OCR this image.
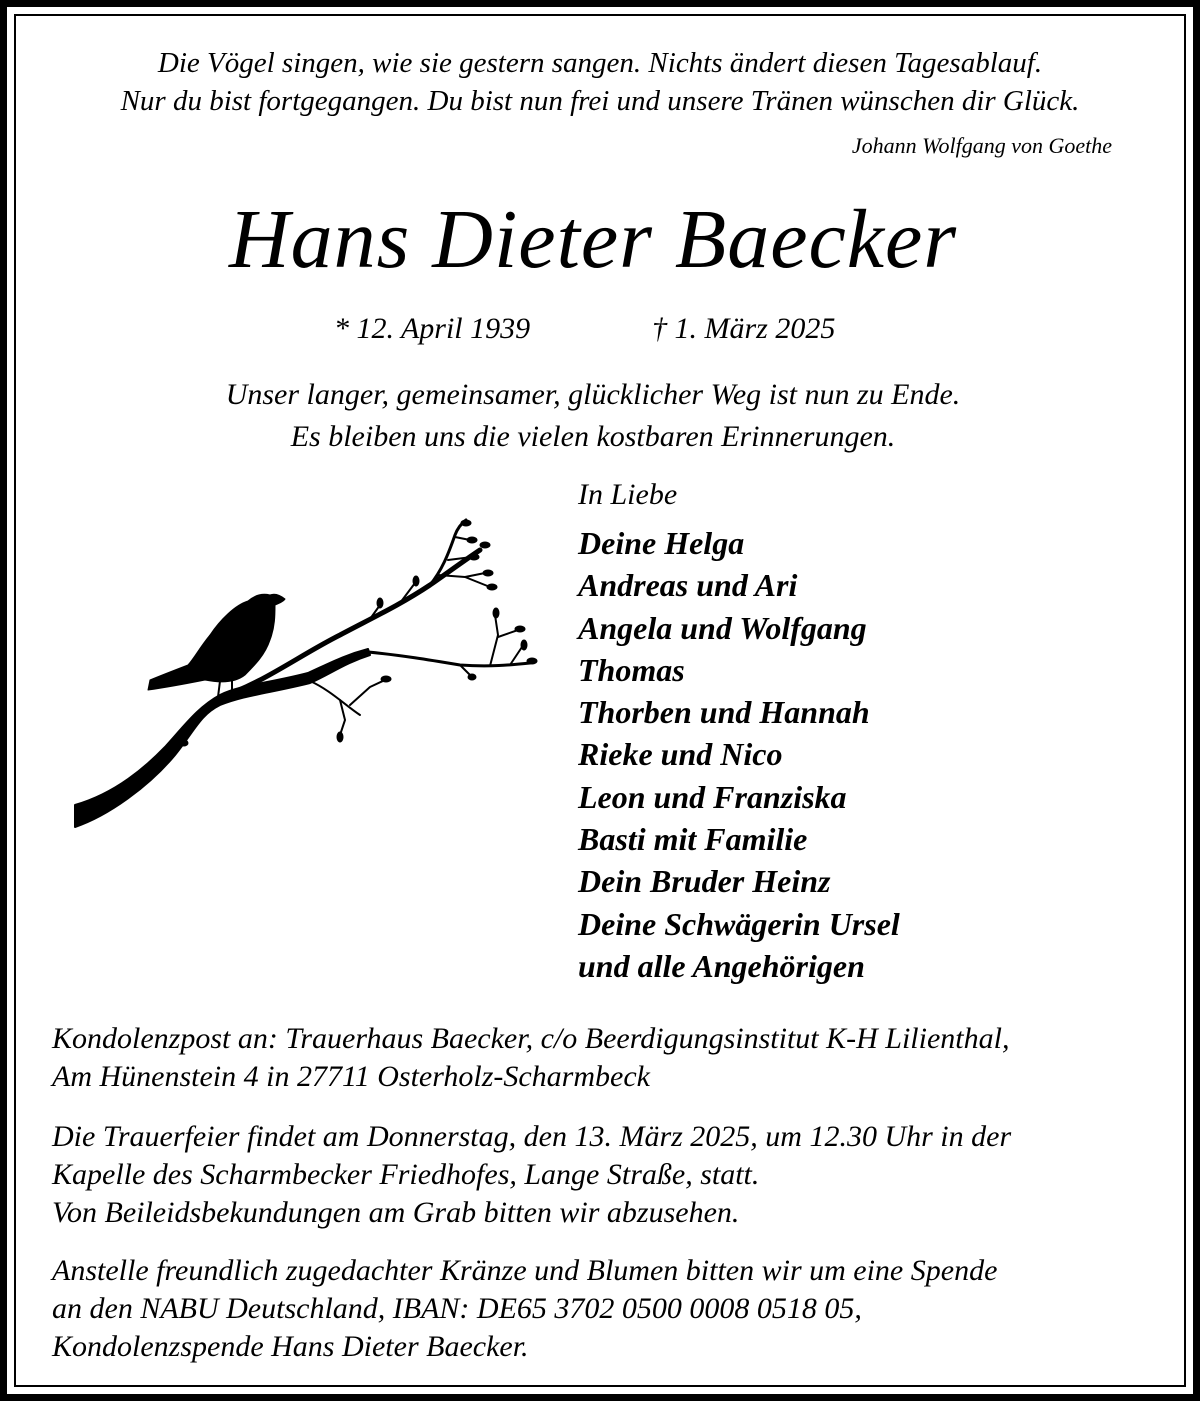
Die Vögel singen, wie sie gestern sangen. Nichts ändert diesen Tagesablauf.
Nur du bist fortgegangen. Du bist nun frei und unsere Tränen wünschen dir Glück.
Johann Wolfgang von Goethe
Hans Dieter Baecker
* 12. April 1939	† 1. März 2025
Unser langer, gemeinsamer, glücklicher Weg ist nun zu Ende.
Es bleiben uns die vielen kostbaren Erinnerungen.
In Liebe
Deine Helga
Andreas und Ari
Angela und Wolfgang
Thomas
Thorben und Hannah
Rieke und Nico
Leon und Franziska
Basti mit Familie
Dein Bruder Heinz
Deine Schwägerin Ursel
und alle Angehörigen
Kondolenzpost an: Trauerhaus Baecker, c/o Beerdigungsinstitut K-H Lilienthal,
Am Hünenstein 4 in 27711 Osterholz-Scharmbeck
Die Trauerfeier findet am Donnerstag, den 13. März 2025, um 12.30 Uhr in der
Kapelle des Scharmbecker Friedhofes, Lange Straße, statt.
Von Beileidsbekundungen am Grab bitten wir abzusehen.
Anstelle freundlich zugedachter Kränze und Blumen bitten wir um eine Spende
an den NABU Deutschland, IBAN: DE65 3702 0500 0008 0518 05,
Kondolenzspende Hans Dieter Baecker.
